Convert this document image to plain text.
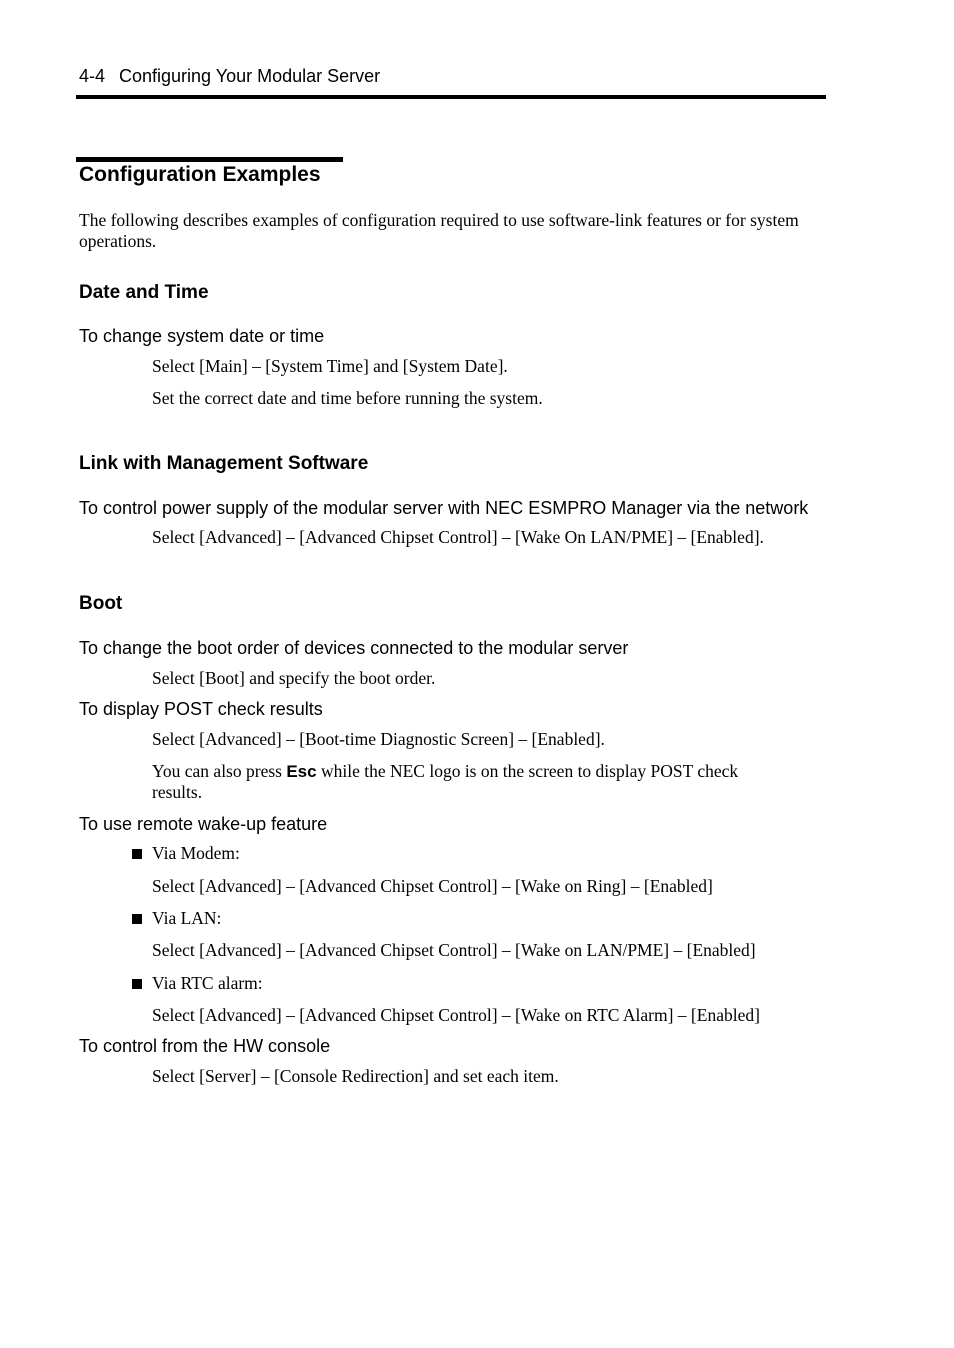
4-4 Configuring Your Modular Server
Configuration Examples
The following describes examples of configuration required to use software-link features or for system operations.
Date and Time
To change system date or time
Select [Main] – [System Time] and [System Date].
Set the correct date and time before running the system.
Link with Management Software
To control power supply of the modular server with NEC ESMPRO Manager via the network
Select [Advanced] – [Advanced Chipset Control] – [Wake On LAN/PME] – [Enabled].
Boot
To change the boot order of devices connected to the modular server
Select [Boot] and specify the boot order.
To display POST check results
Select [Advanced] – [Boot-time Diagnostic Screen] – [Enabled].
You can also press Esc while the NEC logo is on the screen to display POST check results.
To use remote wake-up feature
Via Modem:
Select [Advanced] – [Advanced Chipset Control] – [Wake on Ring] – [Enabled]
Via LAN:
Select [Advanced] – [Advanced Chipset Control] – [Wake on LAN/PME] – [Enabled]
Via RTC alarm:
Select [Advanced] – [Advanced Chipset Control] – [Wake on RTC Alarm] – [Enabled]
To control from the HW console
Select [Server] – [Console Redirection] and set each item.
